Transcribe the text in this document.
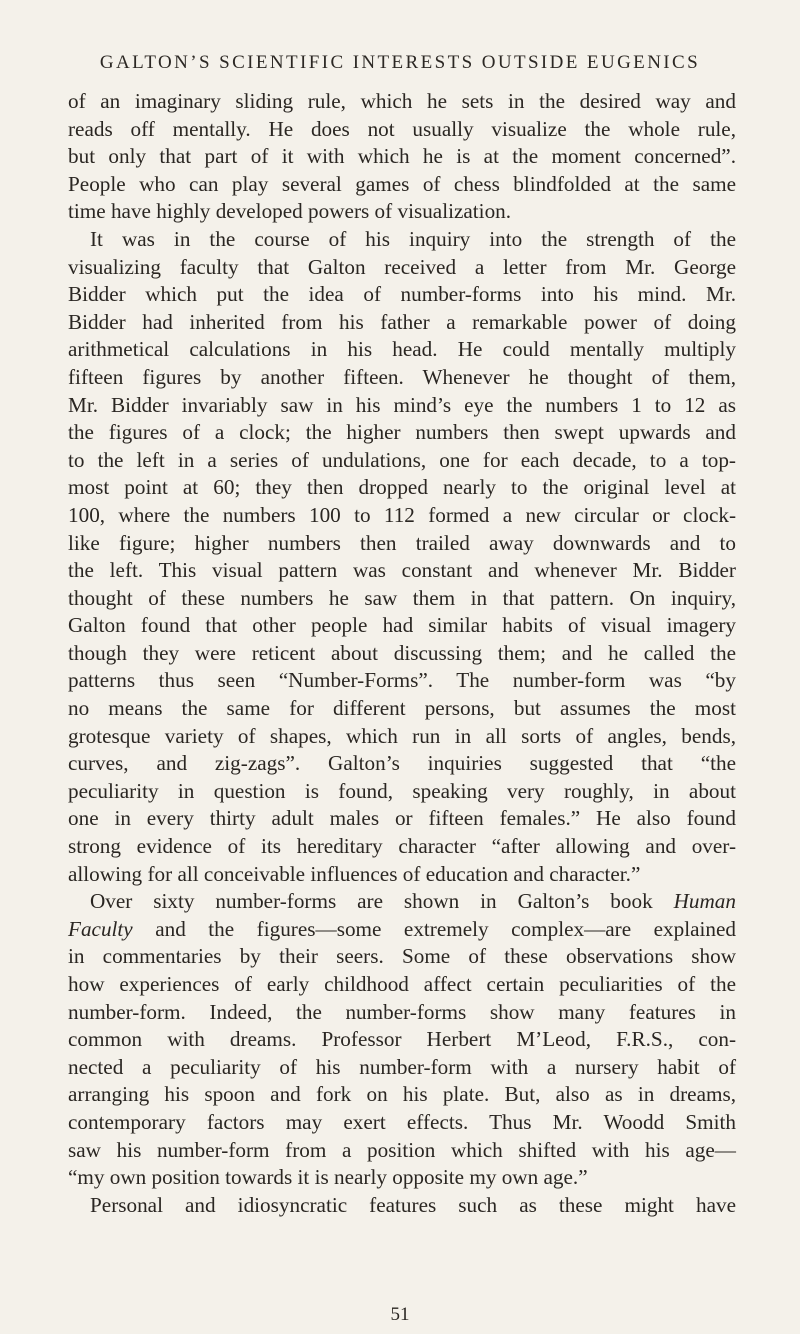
GALTON’S SCIENTIFIC INTERESTS OUTSIDE EUGENICS
of an imaginary sliding rule, which he sets in the desired way and
reads off mentally. He does not usually visualize the whole rule,
but only that part of it with which he is at the moment concerned”.
People who can play several games of chess blindfolded at the same
time have highly developed powers of visualization.
It was in the course of his inquiry into the strength of the
visualizing faculty that Galton received a letter from Mr. George
Bidder which put the idea of number-forms into his mind. Mr.
Bidder had inherited from his father a remarkable power of doing
arithmetical calculations in his head. He could mentally multiply
fifteen figures by another fifteen. Whenever he thought of them,
Mr. Bidder invariably saw in his mind’s eye the numbers 1 to 12 as
the figures of a clock; the higher numbers then swept upwards and
to the left in a series of undulations, one for each decade, to a top-
most point at 60; they then dropped nearly to the original level at
100, where the numbers 100 to 112 formed a new circular or clock-
like figure; higher numbers then trailed away downwards and to
the left. This visual pattern was constant and whenever Mr. Bidder
thought of these numbers he saw them in that pattern. On inquiry,
Galton found that other people had similar habits of visual imagery
though they were reticent about discussing them; and he called the
patterns thus seen “Number-Forms”. The number-form was “by
no means the same for different persons, but assumes the most
grotesque variety of shapes, which run in all sorts of angles, bends,
curves, and zig-zags”. Galton’s inquiries suggested that “the
peculiarity in question is found, speaking very roughly, in about
one in every thirty adult males or fifteen females.” He also found
strong evidence of its hereditary character “after allowing and over-
allowing for all conceivable influences of education and character.”
Over sixty number-forms are shown in Galton’s book Human
Faculty and the figures—some extremely complex—are explained
in commentaries by their seers. Some of these observations show
how experiences of early childhood affect certain peculiarities of the
number-form. Indeed, the number-forms show many features in
common with dreams. Professor Herbert M’Leod, F.R.S., con-
nected a peculiarity of his number-form with a nursery habit of
arranging his spoon and fork on his plate. But, also as in dreams,
contemporary factors may exert effects. Thus Mr. Woodd Smith
saw his number-form from a position which shifted with his age—
“my own position towards it is nearly opposite my own age.”
Personal and idiosyncratic features such as these might have
51
